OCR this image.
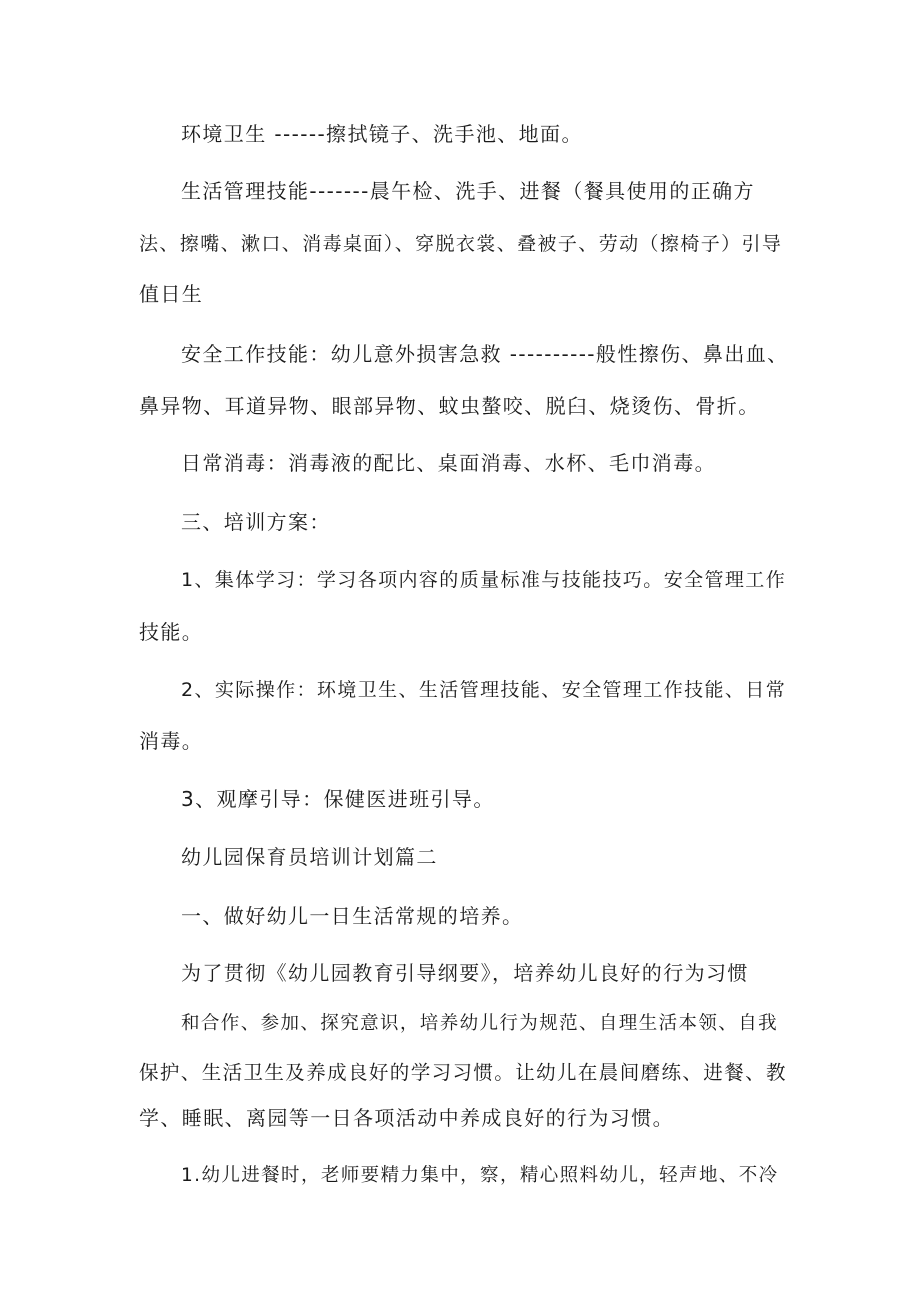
环境卫生 ------擦拭镜子、洗手池、地面。
生活管理技能-------晨午检、洗手、进餐（餐具使用的正确方
法、擦嘴、漱口、消毒桌面）、穿脱衣裳、叠被子、劳动（擦椅子）引导
值日生
安全工作技能：幼儿意外损害急救 ----------般性擦伤、鼻出血、
鼻异物、耳道异物、眼部异物、蚊虫螯咬、脱臼、烧烫伤、骨折。
日常消毒：消毒液的配比、桌面消毒、水杯、毛巾消毒。
三、培训方案：
1、集体学习：学习各项内容的质量标准与技能技巧。安全管理工作
技能。
2、实际操作：环境卫生、生活管理技能、安全管理工作技能、日常
消毒。
3、观摩引导：保健医进班引导。
幼儿园保育员培训计划篇二
一、做好幼儿一日生活常规的培养。
为了贯彻《幼儿园教育引导纲要》，培养幼儿良好的行为习惯
和合作、参加、探究意识，培养幼儿行为规范、自理生活本领、自我
保护、生活卫生及养成良好的学习习惯。让幼儿在晨间磨练、进餐、教
学、睡眠、离园等一日各项活动中养成良好的行为习惯。
1.幼儿进餐时，老师要精力集中，察，精心照料幼儿，轻声地、不冷
